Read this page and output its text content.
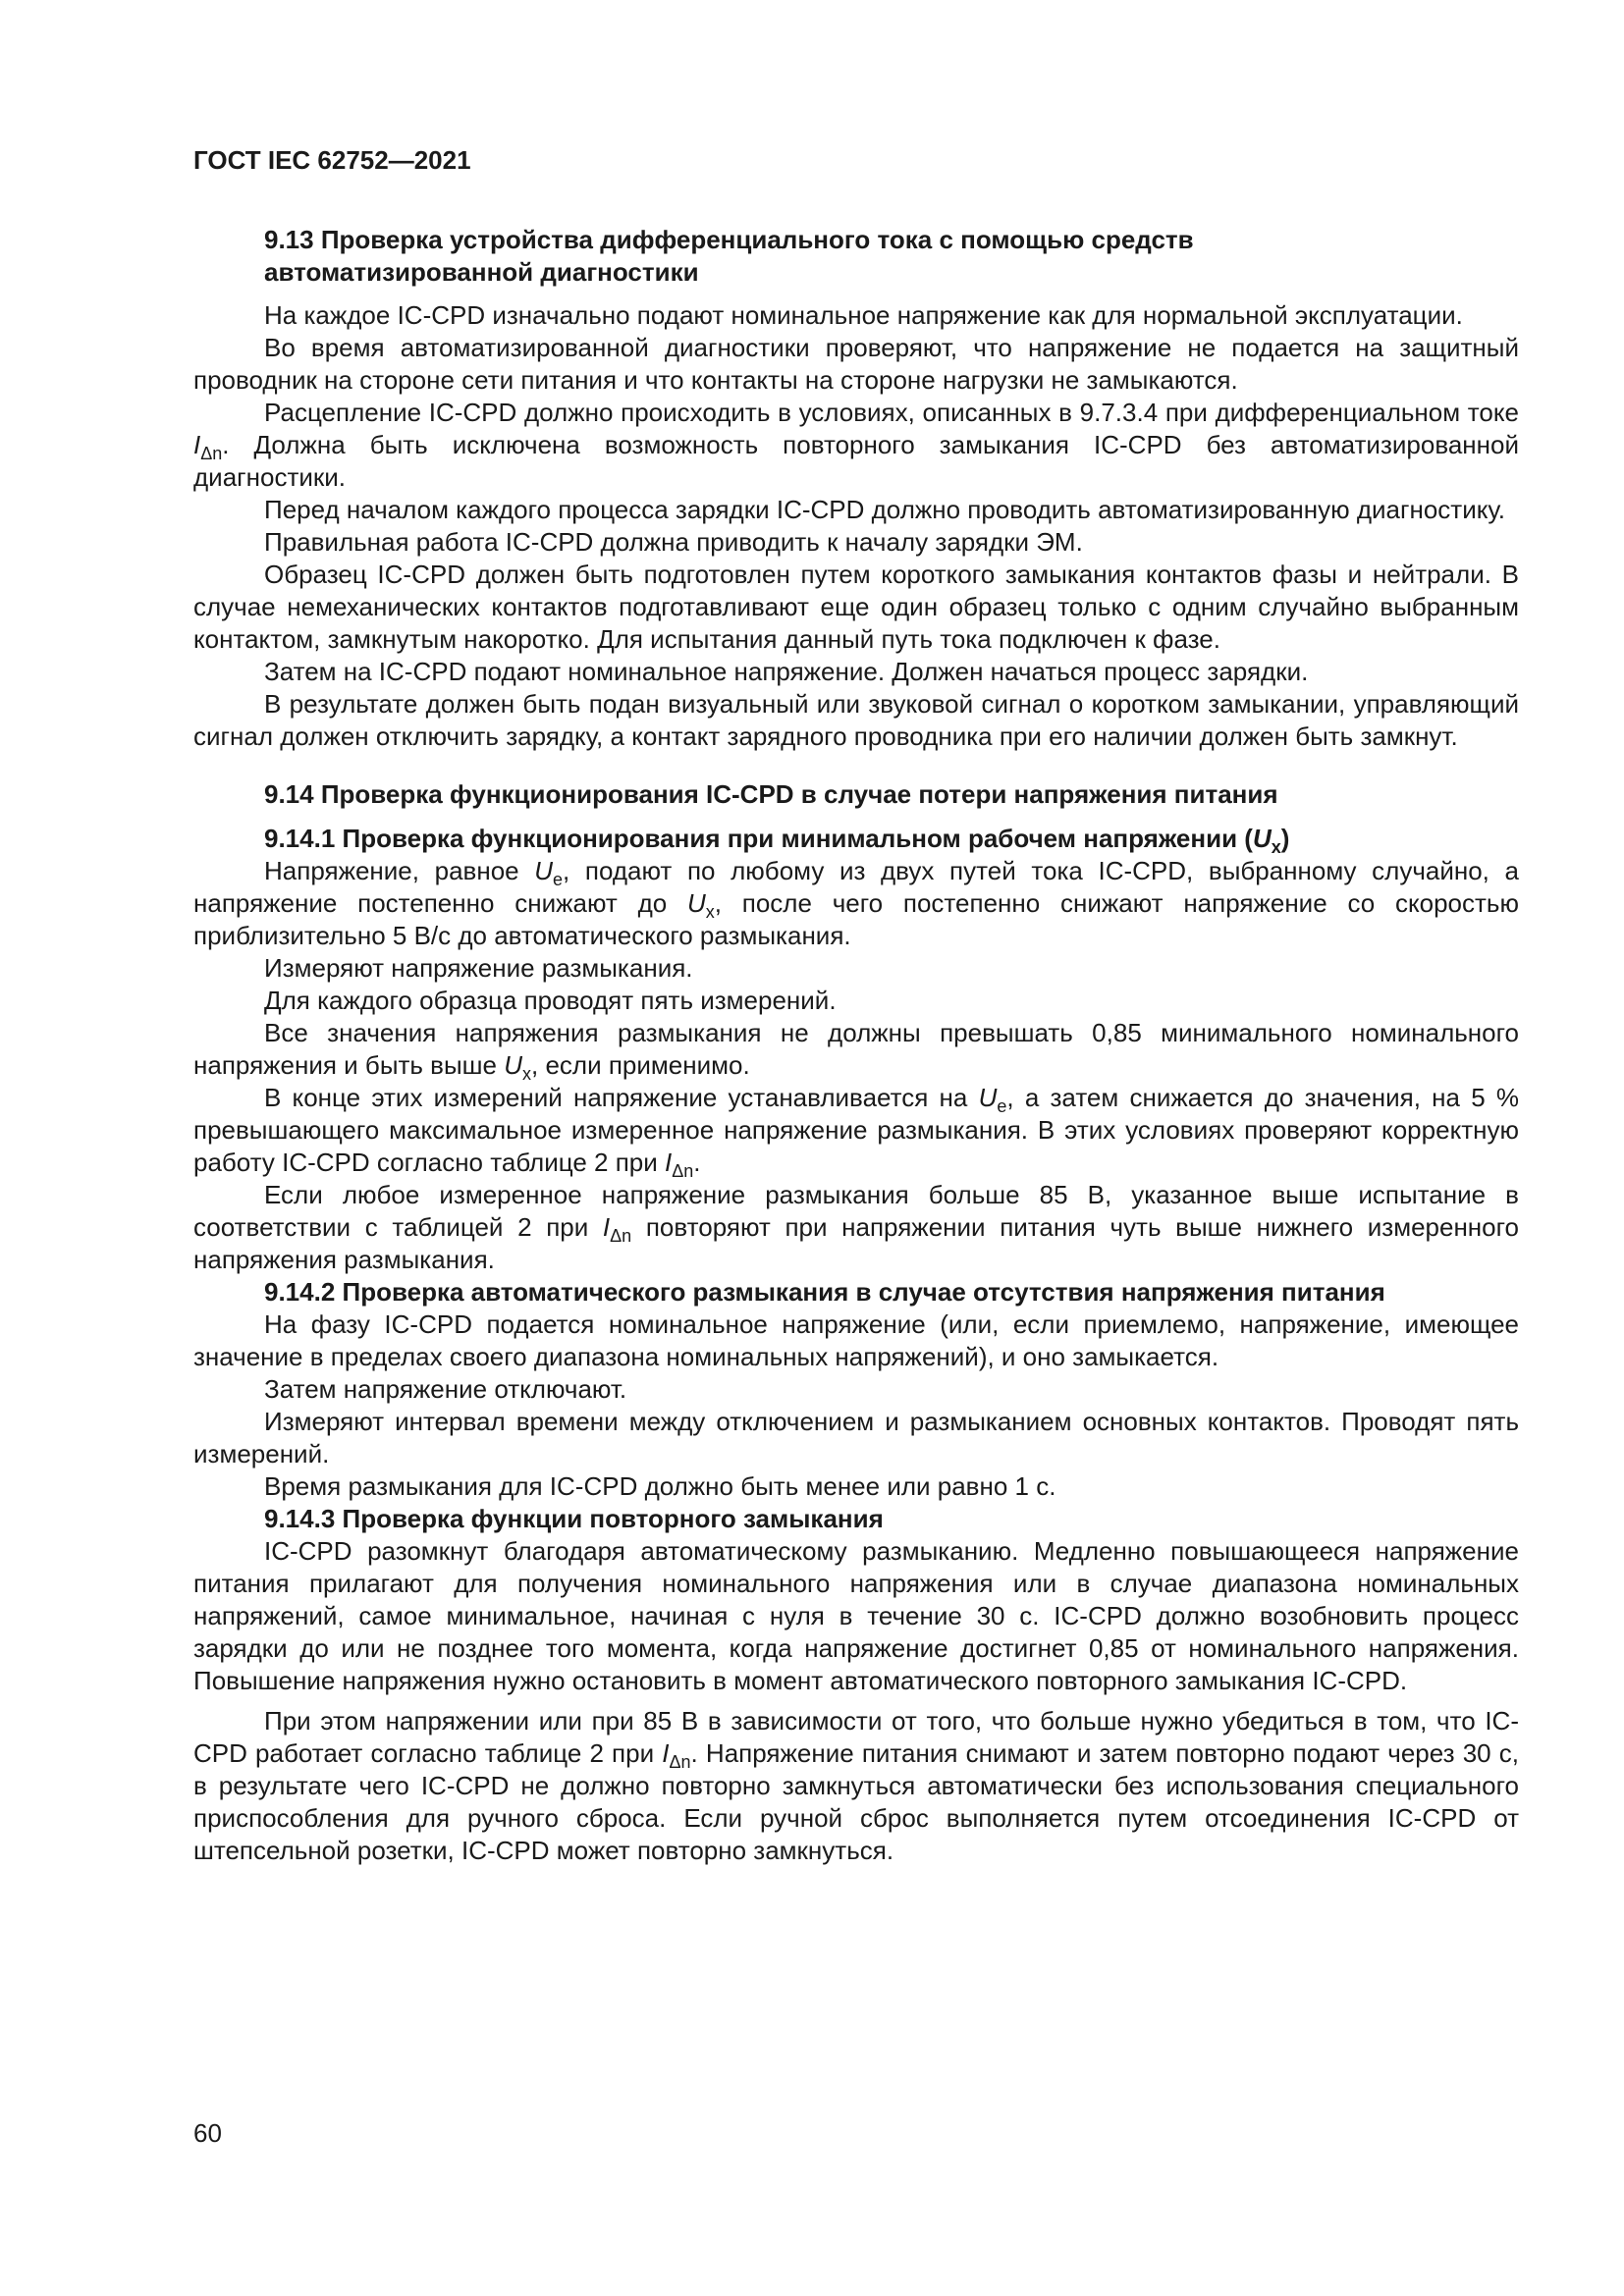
ГОСТ IEC 62752—2021
9.13 Проверка устройства дифференциального тока с помощью средств
автоматизированной диагностики

На каждое IC-CPD изначально подают номинальное напряжение как для нормальной эксплуатации.

Во время автоматизированной диагностики проверяют, что напряжение не подается на защитный проводник на стороне сети питания и что контакты на стороне нагрузки не замыкаются.

Расцепление IC-CPD должно происходить в условиях, описанных в 9.7.3.4 при дифференциальном токе $I_{\Delta n}$. Должна быть исключена возможность повторного замыкания IC-CPD без автоматизированной диагностики.

Перед началом каждого процесса зарядки IC-CPD должно проводить автоматизированную диагностику.

Правильная работа IC-CPD должна приводить к началу зарядки ЭМ.

Образец IC-CPD должен быть подготовлен путем короткого замыкания контактов фазы и нейтрали. В случае немеханических контактов подготавливают еще один образец только с одним случайно выбранным контактом, замкнутым накоротко. Для испытания данный путь тока подключен к фазе.

Затем на IC-CPD подают номинальное напряжение. Должен начаться процесс зарядки.

В результате должен быть подан визуальный или звуковой сигнал о коротком замыкании, управляющий сигнал должен отключить зарядку, а контакт зарядного проводника при его наличии должен быть замкнут.

9.14 Проверка функционирования IC-CPD в случае потери напряжения питания
9.14.1 Проверка функционирования при минимальном рабочем напряжении $(U_x)$

Напряжение, равное $U_e$, подают по любому из двух путей тока IC-CPD, выбранному случайно, а напряжение постепенно снижают до $U_x$, после чего постепенно снижают напряжение со скоростью приблизительно 5 В/с до автоматического размыкания.

Измеряют напряжение размыкания.

Для каждого образца проводят пять измерений.

Все значения напряжения размыкания не должны превышать 0,85 минимального номинального напряжения и быть выше $U_x$, если применимо.

В конце этих измерений напряжение устанавливается на $U_e$, а затем снижается до значения, на 5 % превышающего максимальное измеренное напряжение размыкания. В этих условиях проверяют корректную работу IC-CPD согласно таблице 2 при $I_{\Delta n}$.

Если любое измеренное напряжение размыкания больше 85 В, указанное выше испытание в соответствии с таблицей 2 при $I_{\Delta n}$ повторяют при напряжении питания чуть выше нижнего измеренного напряжения размыкания.

9.14.2 Проверка автоматического размыкания в случае отсутствия напряжения питания

На фазу IC-CPD подается номинальное напряжение (или, если приемлемо, напряжение, имеющее значение в пределах своего диапазона номинальных напряжений), и оно замыкается.

Затем напряжение отключают.

Измеряют интервал времени между отключением и размыканием основных контактов. Проводят пять измерений.

Время размыкания для IC-CPD должно быть менее или равно 1 с.

9.14.3 Проверка функции повторного замыкания

IC-CPD разомкнут благодаря автоматическому размыканию. Медленно повышающееся напряжение питания прилагают для получения номинального напряжения или в случае диапазона номинальных напряжений, самое минимальное, начиная с нуля в течение 30 с. IC-CPD должно возобновить процесс зарядки до или не позднее того момента, когда напряжение достигнет 0,85 от номинального напряжения. Повышение напряжения нужно остановить в момент автоматического повторного замыкания IC-CPD.

При этом напряжении или при 85 В в зависимости от того, что больше нужно убедиться в том, что IC-CPD работает согласно таблице 2 при $I_{\Delta n}$. Напряжение питания снимают и затем повторно подают через 30 с, в результате чего IC-CPD не должно повторно замкнуться автоматически без использования специального приспособления для ручного сброса. Если ручной сброс выполняется путем отсоединения IC-CPD от штепсельной розетки, IC-CPD может повторно замкнуться.

60
